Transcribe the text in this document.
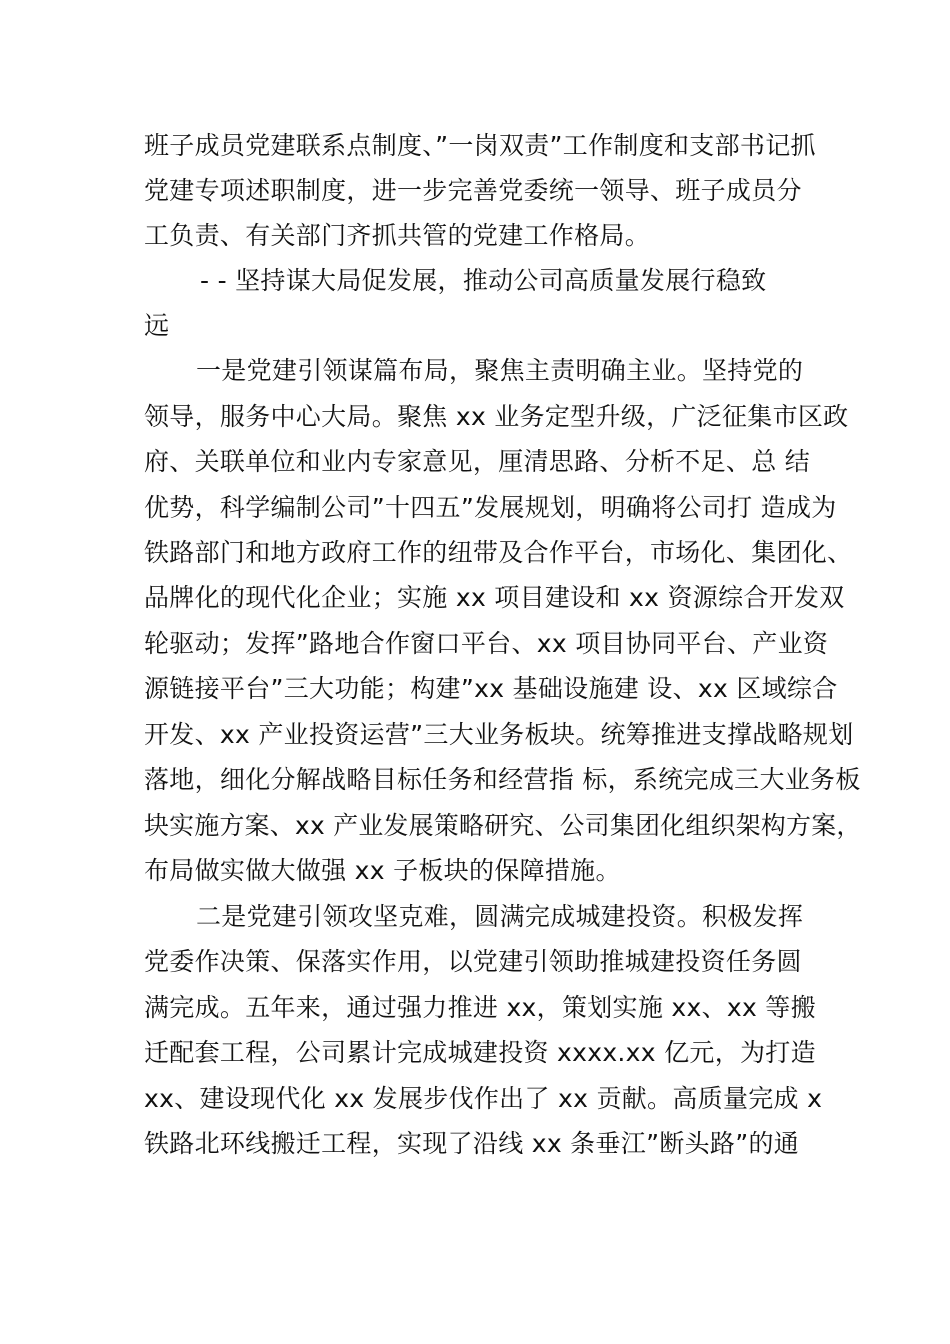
班子成员党建联系点制度、”一岗双责”工作制度和支部书记抓
党建专项述职制度，进一步完善党委统一领导、班子成员分
工负责、有关部门齐抓共管的党建工作格局。
- - 坚持谋大局促发展，推动公司高质量发展行稳致
远
一是党建引领谋篇布局，聚焦主责明确主业。坚持党的
领导，服务中心大局。聚焦 xx 业务定型升级，广泛征集市区政
府、关联单位和业内专家意见，厘清思路、分析不足、总 结
优势，科学编制公司”十四五”发展规划，明确将公司打 造成为
铁路部门和地方政府工作的纽带及合作平台，市场化、集团化、
品牌化的现代化企业；实施 xx 项目建设和 xx 资源综合开发双
轮驱动；发挥”路地合作窗口平台、xx 项目协同平台、产业资
源链接平台”三大功能；构建”xx 基础设施建 设、xx 区域综合
开发、xx 产业投资运营”三大业务板块。统筹推进支撑战略规划
落地，细化分解战略目标任务和经营指 标，系统完成三大业务板
块实施方案、xx 产业发展策略研究、公司集团化组织架构方案，
布局做实做大做强 xx 子板块的保障措施。
二是党建引领攻坚克难，圆满完成城建投资。积极发挥
党委作决策、保落实作用，以党建引领助推城建投资任务圆
满完成。五年来，通过强力推进 xx，策划实施 xx、xx 等搬
迁配套工程，公司累计完成城建投资 xxxx.xx 亿元，为打造
xx、建设现代化 xx 发展步伐作出了 xx 贡献。高质量完成 x
铁路北环线搬迁工程，实现了沿线 xx 条垂江”断头路”的通
